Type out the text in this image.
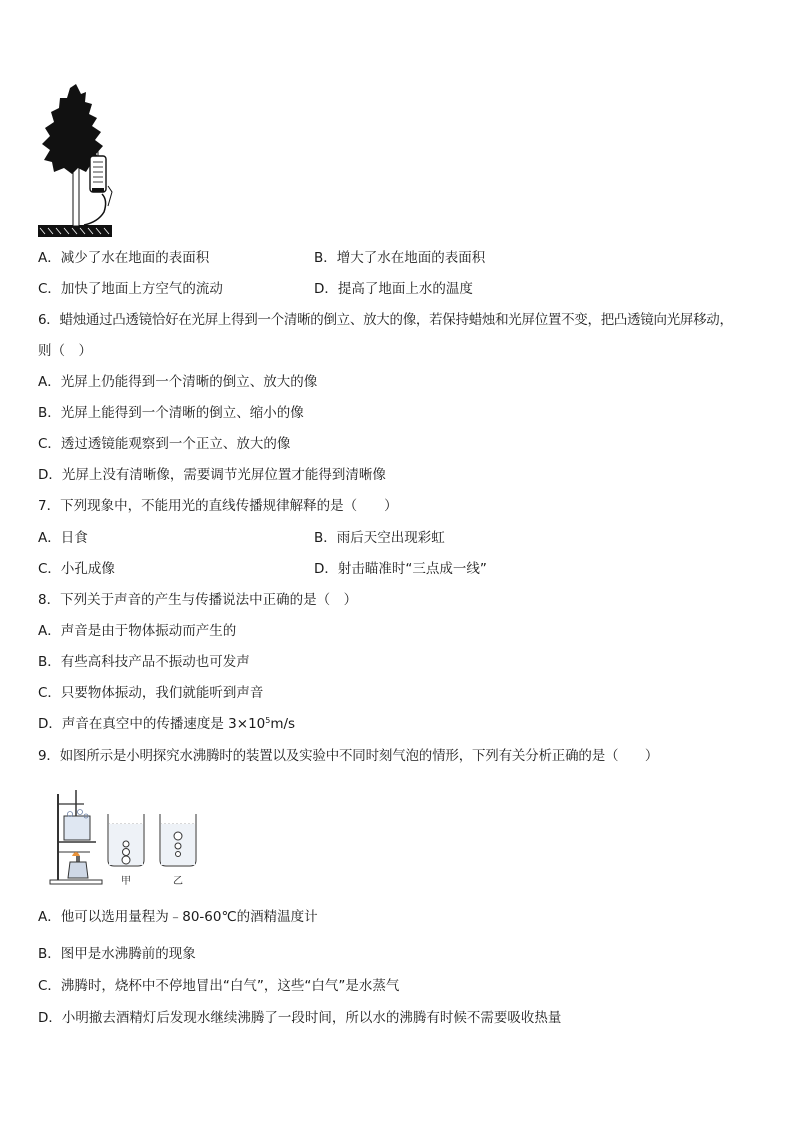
A．减少了水在地面的表面积	B．增大了水在地面的表面积
C．加快了地面上方空气的流动	D．提高了地面上水的温度
6．蜡烛通过凸透镜恰好在光屏上得到一个清晰的倒立、放大的像，若保持蜡烛和光屏位置不变，把凸透镜向光屏移动，
则（　）
A．光屏上仍能得到一个清晰的倒立、放大的像
B．光屏上能得到一个清晰的倒立、缩小的像
C．透过透镜能观察到一个正立、放大的像
D．光屏上没有清晰像，需要调节光屏位置才能得到清晰像
7．下列现象中，不能用光的直线传播规律解释的是（　　）
A．日食	B．雨后天空出现彩虹
C．小孔成像	D．射击瞄准时“三点成一线”
8．下列关于声音的产生与传播说法中正确的是（　）
A．声音是由于物体振动而产生的
B．有些高科技产品不振动也可发声
C．只要物体振动，我们就能听到声音
D．声音在真空中的传播速度是 $3\times 10^5m/s$
9．如图所示是小明探究水沸腾时的装置以及实验中不同时刻气泡的情形，下列有关分析正确的是（　　）
甲	乙
A．他可以选用量程为﹣80-60℃的酒精温度计
B．图甲是水沸腾前的现象
C．沸腾时，烧杯中不停地冒出“白气”，这些“白气”是水蒸气
D．小明撤去酒精灯后发现水继续沸腾了一段时间，所以水的沸腾有时候不需要吸收热量
